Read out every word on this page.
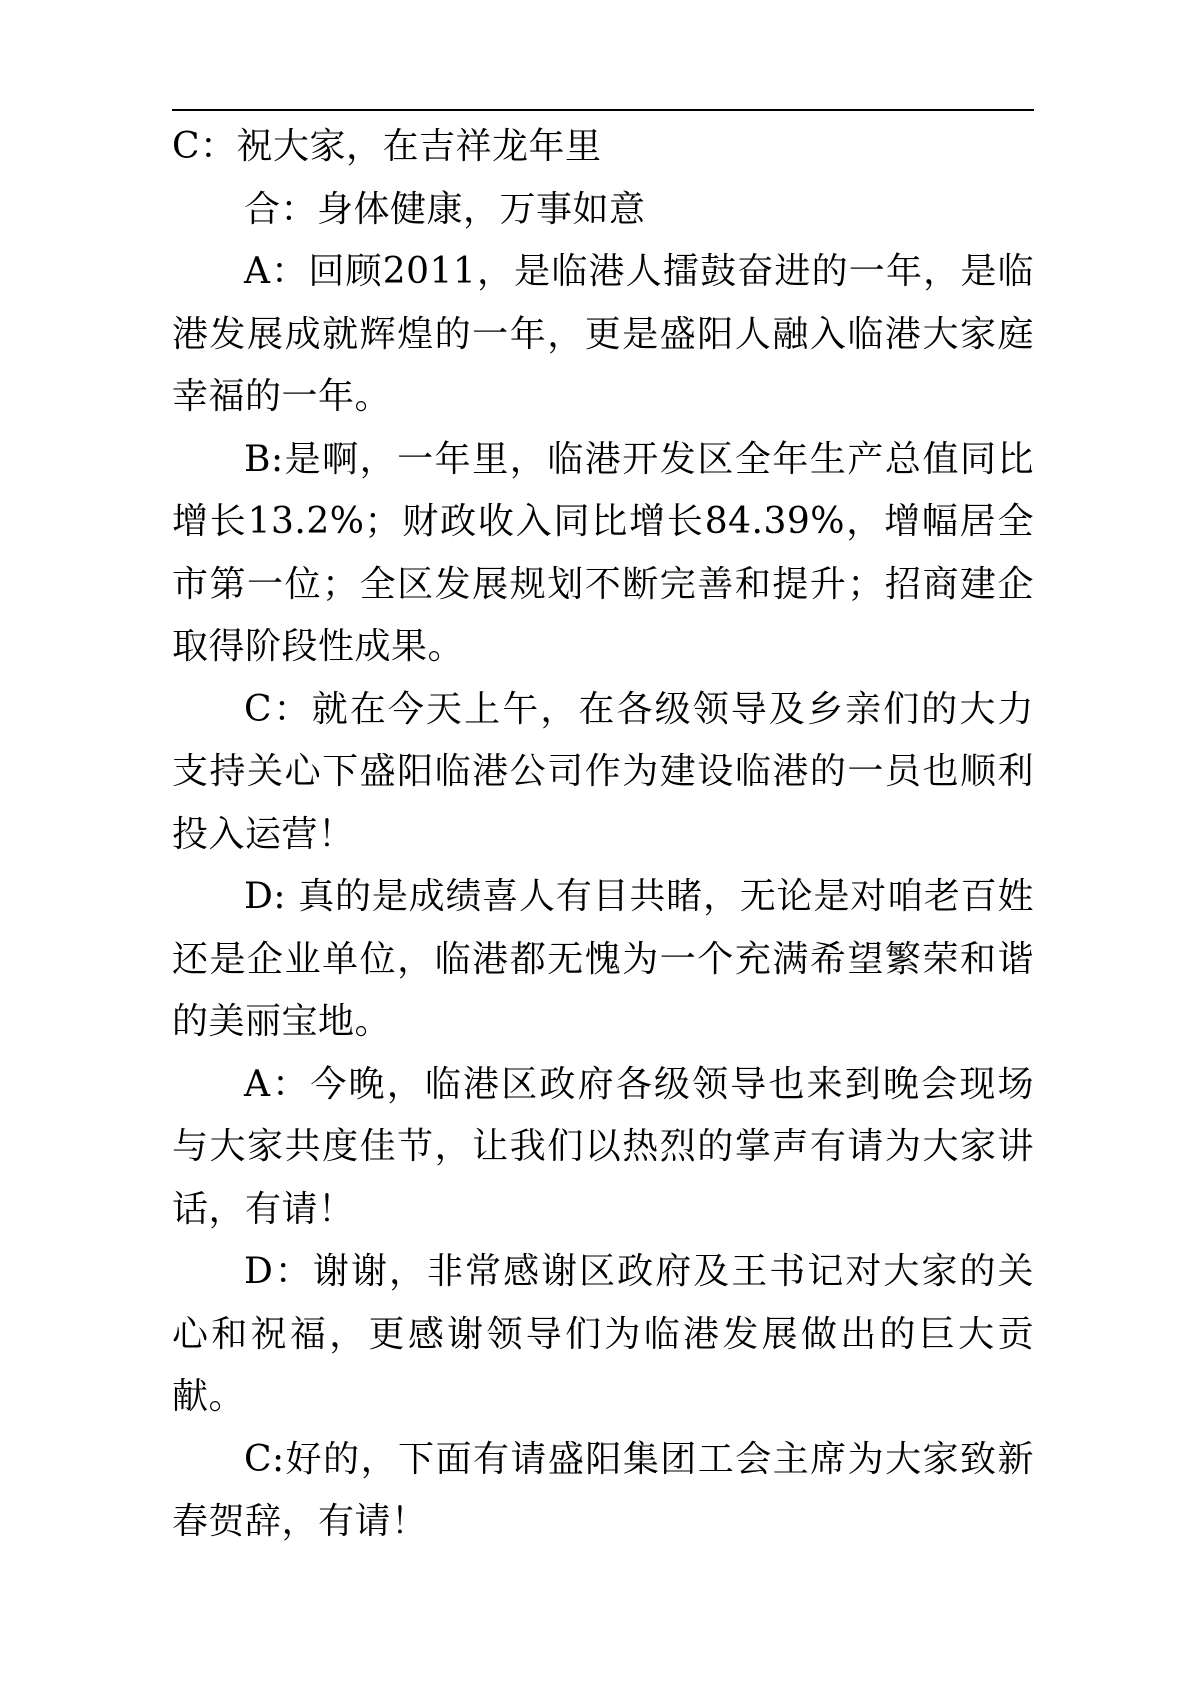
C：祝大家，在吉祥龙年里

合：身体健康，万事如意

A：回顾2011，是临港人擂鼓奋进的一年，是临港发展成就辉煌的一年，更是盛阳人融入临港大家庭幸福的一年。

B:是啊，一年里，临港开发区全年生产总值同比增长13.2%；财政收入同比增长84.39%，增幅居全市第一位；全区发展规划不断完善和提升；招商建企取得阶段性成果。

C：就在今天上午，在各级领导及乡亲们的大力支持关心下盛阳临港公司作为建设临港的一员也顺利投入运营！

D: 真的是成绩喜人有目共睹，无论是对咱老百姓还是企业单位，临港都无愧为一个充满希望繁荣和谐的美丽宝地。

A：今晚，临港区政府各级领导也来到晚会现场与大家共度佳节，让我们以热烈的掌声有请为大家讲话，有请！

D：谢谢，非常感谢区政府及王书记对大家的关心和祝福，更感谢领导们为临港发展做出的巨大贡献。

C:好的，下面有请盛阳集团工会主席为大家致新春贺辞，有请！
